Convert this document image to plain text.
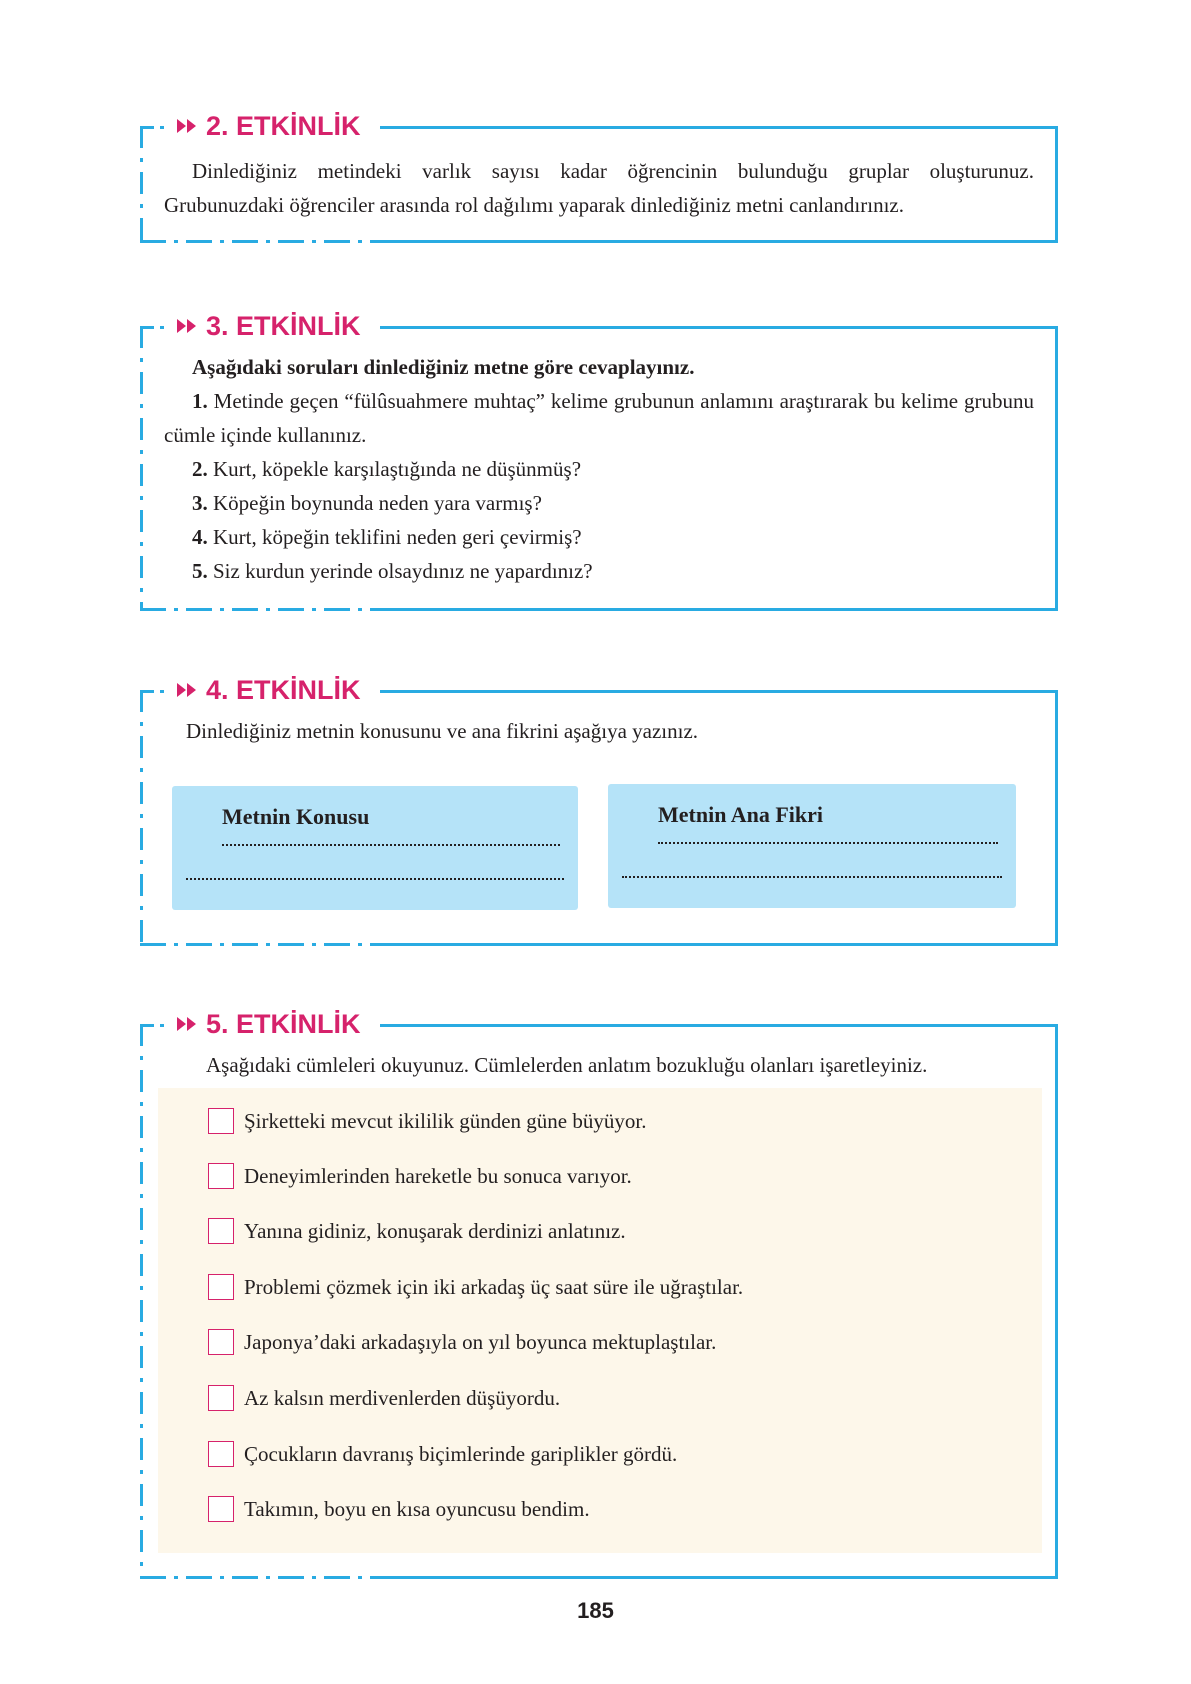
2. ETKİNLİK
Dinlediğiniz metindeki varlık sayısı kadar öğrencinin bulunduğu gruplar oluşturunuz. Grubunuzdaki öğrenciler arasında rol dağılımı yaparak dinlediğiniz metni canlandırınız.
3. ETKİNLİK

Aşağıdaki soruları dinlediğiniz metne göre cevaplayınız.

1. Metinde geçen “fülûsuahmere muhtaç” kelime grubunun anlamını araştırarak bu kelime grubunu cümle içinde kullanınız.

2. Kurt, köpekle karşılaştığında ne düşünmüş?

3. Köpeğin boynunda neden yara varmış?

4. Kurt, köpeğin teklifini neden geri çevirmiş?

5. Siz kurdun yerinde olsaydınız ne yapardınız?

4. ETKİNLİK
Dinlediğiniz metnin konusunu ve ana fikrini aşağıya yazınız.
Metnin Konusu	Metnin Ana Fikri
5. ETKİNLİK
Aşağıdaki cümleleri okuyunuz. Cümlelerden anlatım bozukluğu olanları işaretleyiniz.
Şirketteki mevcut ikililik günden güne büyüyor.
Deneyimlerinden hareketle bu sonuca varıyor.
Yanına gidiniz, konuşarak derdinizi anlatınız.
Problemi çözmek için iki arkadaş üç saat süre ile uğraştılar.
Japonya’daki arkadaşıyla on yıl boyunca mektuplaştılar.
Az kalsın merdivenlerden düşüyordu.
Çocukların davranış biçimlerinde gariplikler gördü.
Takımın, boyu en kısa oyuncusu bendim.
185
